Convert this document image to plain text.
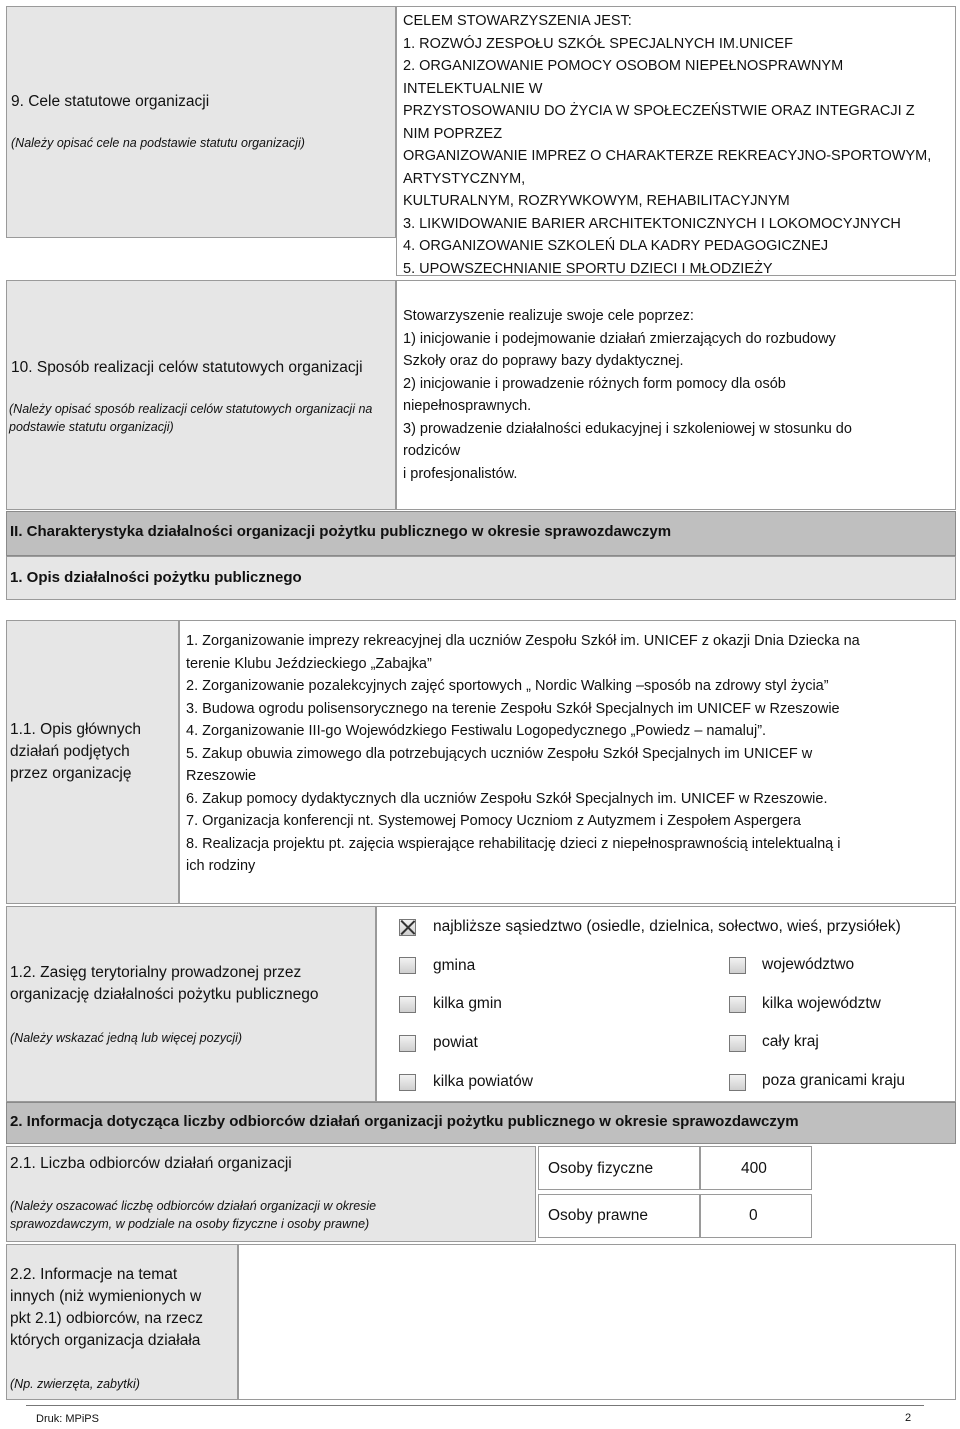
9. Cele statutowe organizacji
(Należy opisać cele na podstawie statutu organizacji)
CELEM STOWARZYSZENIA JEST:
1. ROZWÓJ ZESPOŁU SZKÓŁ SPECJALNYCH IM.UNICEF
2. ORGANIZOWANIE POMOCY OSOBOM NIEPEŁNOSPRAWNYM
INTELEKTUALNIE W
PRZYSTOSOWANIU DO ŻYCIA W SPOŁECZEŃSTWIE ORAZ INTEGRACJI Z
NIM POPRZEZ
ORGANIZOWANIE IMPREZ O CHARAKTERZE REKREACYJNO-SPORTOWYM,
ARTYSTYCZNYM,
KULTURALNYM, ROZRYWKOWYM, REHABILITACYJNYM
3. LIKWIDOWANIE BARIER ARCHITEKTONICZNYCH I LOKOMOCYJNYCH
4. ORGANIZOWANIE SZKOLEŃ DLA KADRY PEDAGOGICZNEJ
5. UPOWSZECHNIANIE SPORTU DZIECI I MŁODZIEŻY
10. Sposób realizacji celów statutowych organizacji
(Należy opisać sposób realizacji celów statutowych organizacji na podstawie statutu organizacji)
Stowarzyszenie realizuje swoje cele poprzez:
1) inicjowanie i podejmowanie działań zmierzających do rozbudowy
Szkoły oraz do poprawy bazy dydaktycznej.
2) inicjowanie i prowadzenie różnych form pomocy dla osób
niepełnosprawnych.
3) prowadzenie działalności edukacyjnej i szkoleniowej w stosunku do
rodziców
i profesjonalistów.
II. Charakterystyka działalności organizacji pożytku publicznego w okresie sprawozdawczym
1. Opis działalności pożytku publicznego
1.1. Opis głównych działań podjętych przez organizację
1. Zorganizowanie imprezy rekreacyjnej dla uczniów Zespołu Szkół im. UNICEF z okazji Dnia Dziecka na
terenie Klubu Jeździeckiego „Zabajka”
2. Zorganizowanie pozalekcyjnych zajęć sportowych „ Nordic Walking –sposób na zdrowy styl życia”
3. Budowa ogrodu polisensorycznego na terenie Zespołu Szkół Specjalnych im UNICEF w Rzeszowie
4. Zorganizowanie III-go Wojewódzkiego Festiwalu Logopedycznego „Powiedz – namaluj”.
5. Zakup obuwia zimowego dla potrzebujących uczniów Zespołu Szkół Specjalnych im UNICEF w
Rzeszowie
6. Zakup pomocy dydaktycznych dla uczniów Zespołu Szkół Specjalnych im. UNICEF w Rzeszowie.
7. Organizacja konferencji nt. Systemowej Pomocy Uczniom z Autyzmem i Zespołem Aspergera
8. Realizacja projektu pt. zajęcia wspierające rehabilitację dzieci z niepełnosprawnością intelektualną i
ich rodziny
1.2. Zasięg terytorialny prowadzonej przez organizację działalności pożytku publicznego
(Należy wskazać jedną lub więcej pozycji)
najbliższe sąsiedztwo (osiedle, dzielnica, sołectwo, wieś, przysiółek)
gmina	województwo
kilka gmin	kilka województw
powiat	cały kraj
kilka powiatów	poza granicami kraju
2. Informacja dotycząca liczby odbiorców działań organizacji pożytku publicznego w okresie sprawozdawczym
2.1. Liczba odbiorców działań organizacji
(Należy oszacować liczbę odbiorców działań organizacji w okresie sprawozdawczym, w podziale na osoby fizyczne i osoby prawne)
Osoby fizyczne	400
Osoby prawne	0
2.2. Informacje na temat innych (niż wymienionych w pkt 2.1) odbiorców, na rzecz których organizacja działała
(Np. zwierzęta, zabytki)
Druk: MPiPS	2
